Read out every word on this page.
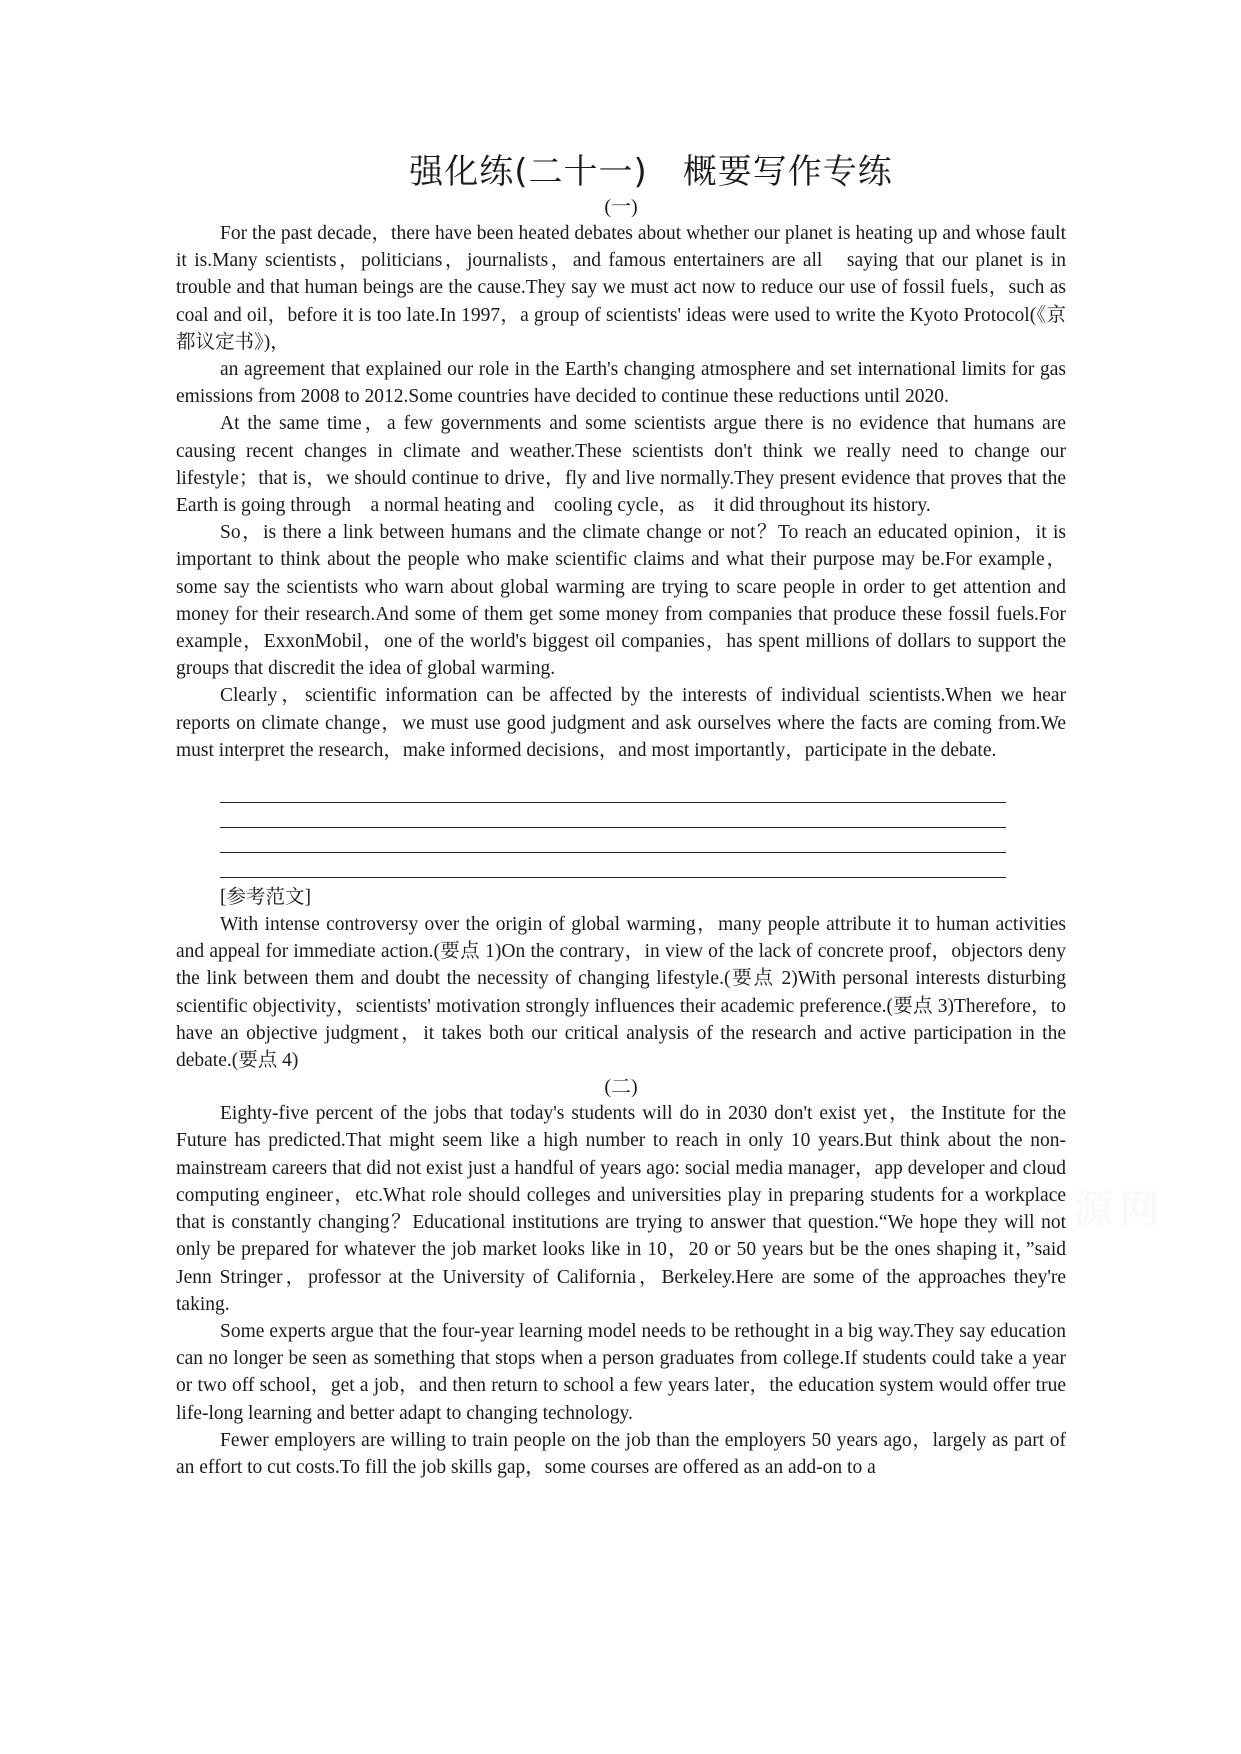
强化练(二十一)　概要写作专练

(一)

For the past decade，there have been heated debates about whether our planet is heating up and whose fault it is.Many scientists，politicians，journalists，and famous entertainers are all　saying that our planet is in trouble and that human beings are the cause.They say we must act now to reduce our use of fossil fuels，such as coal and oil，before it is too late.In 1997，a group of scientists' ideas were used to write the Kyoto Protocol(《京都议定书》)，

an agreement that explained our role in the Earth's changing atmosphere and set international limits for gas emissions from 2008 to 2012.Some countries have decided to continue these reductions until 2020.

At the same time，a few governments and some scientists argue there is no evidence that humans are causing recent changes in climate and weather.These scientists don't think we really need to change our lifestyle；that is，we should continue to drive，fly and live normally.They present evidence that proves that the Earth is going through　a normal heating and　cooling cycle，as　it did throughout its history.

So，is there a link between humans and the climate change or not？To reach an educated opinion，it is important to think about the people who make scientific claims and what their purpose may be.For example，some say the scientists who warn about global warming are trying to scare people in order to get attention and money for their research.And some of them get some money from companies that produce these fossil fuels.For example，ExxonMobil，one of the world's biggest oil companies，has spent millions of dollars to support the groups that discredit the idea of global warming.

Clearly，scientific information can be affected by the interests of individual scientists.When we hear reports on climate change，we must use good judgment and ask ourselves where the facts are coming from.We must interpret the research，make informed decisions，and most importantly，participate in the debate.

[参考范文]

With intense controversy over the origin of global warming，many people attribute it to human activities and appeal for immediate action.(要点 1)On the contrary，in view of the lack of concrete proof，objectors deny the link between them and doubt the necessity of changing lifestyle.(要点 2)With personal interests disturbing scientific objectivity，scientists' motivation strongly influences their academic preference.(要点 3)Therefore，to have an objective judgment，it takes both our critical analysis of the research and active participation in the debate.(要点 4)

(二)

Eighty-five percent of the jobs that today's students will do in 2030 don't exist yet，the Institute for the Future has predicted.That might seem like a high number to reach in only 10 years.But think about the non-mainstream careers that did not exist just a handful of years ago: social media manager，app developer and cloud computing engineer，etc.What role should colleges and universities play in preparing students for a workplace that is constantly changing？Educational institutions are trying to answer that question.“We hope they will not only be prepared for whatever the job market looks like in 10，20 or 50 years but be the ones shaping it，”said Jenn Stringer，professor at the University of California，Berkeley.Here are some of the approaches they're taking.

Some experts argue that the four-year learning model needs to be rethought in a big way.They say education can no longer be seen as something that stops when a person graduates from college.If students could take a year or two off school，get a job，and then return to school a few years later，the education system would offer true life-long learning and better adapt to changing technology.

Fewer employers are willing to train people on the job than the employers 50 years ago，largely as part of an effort to cut costs.To fill the job skills gap，some courses are offered as an add-on to a
